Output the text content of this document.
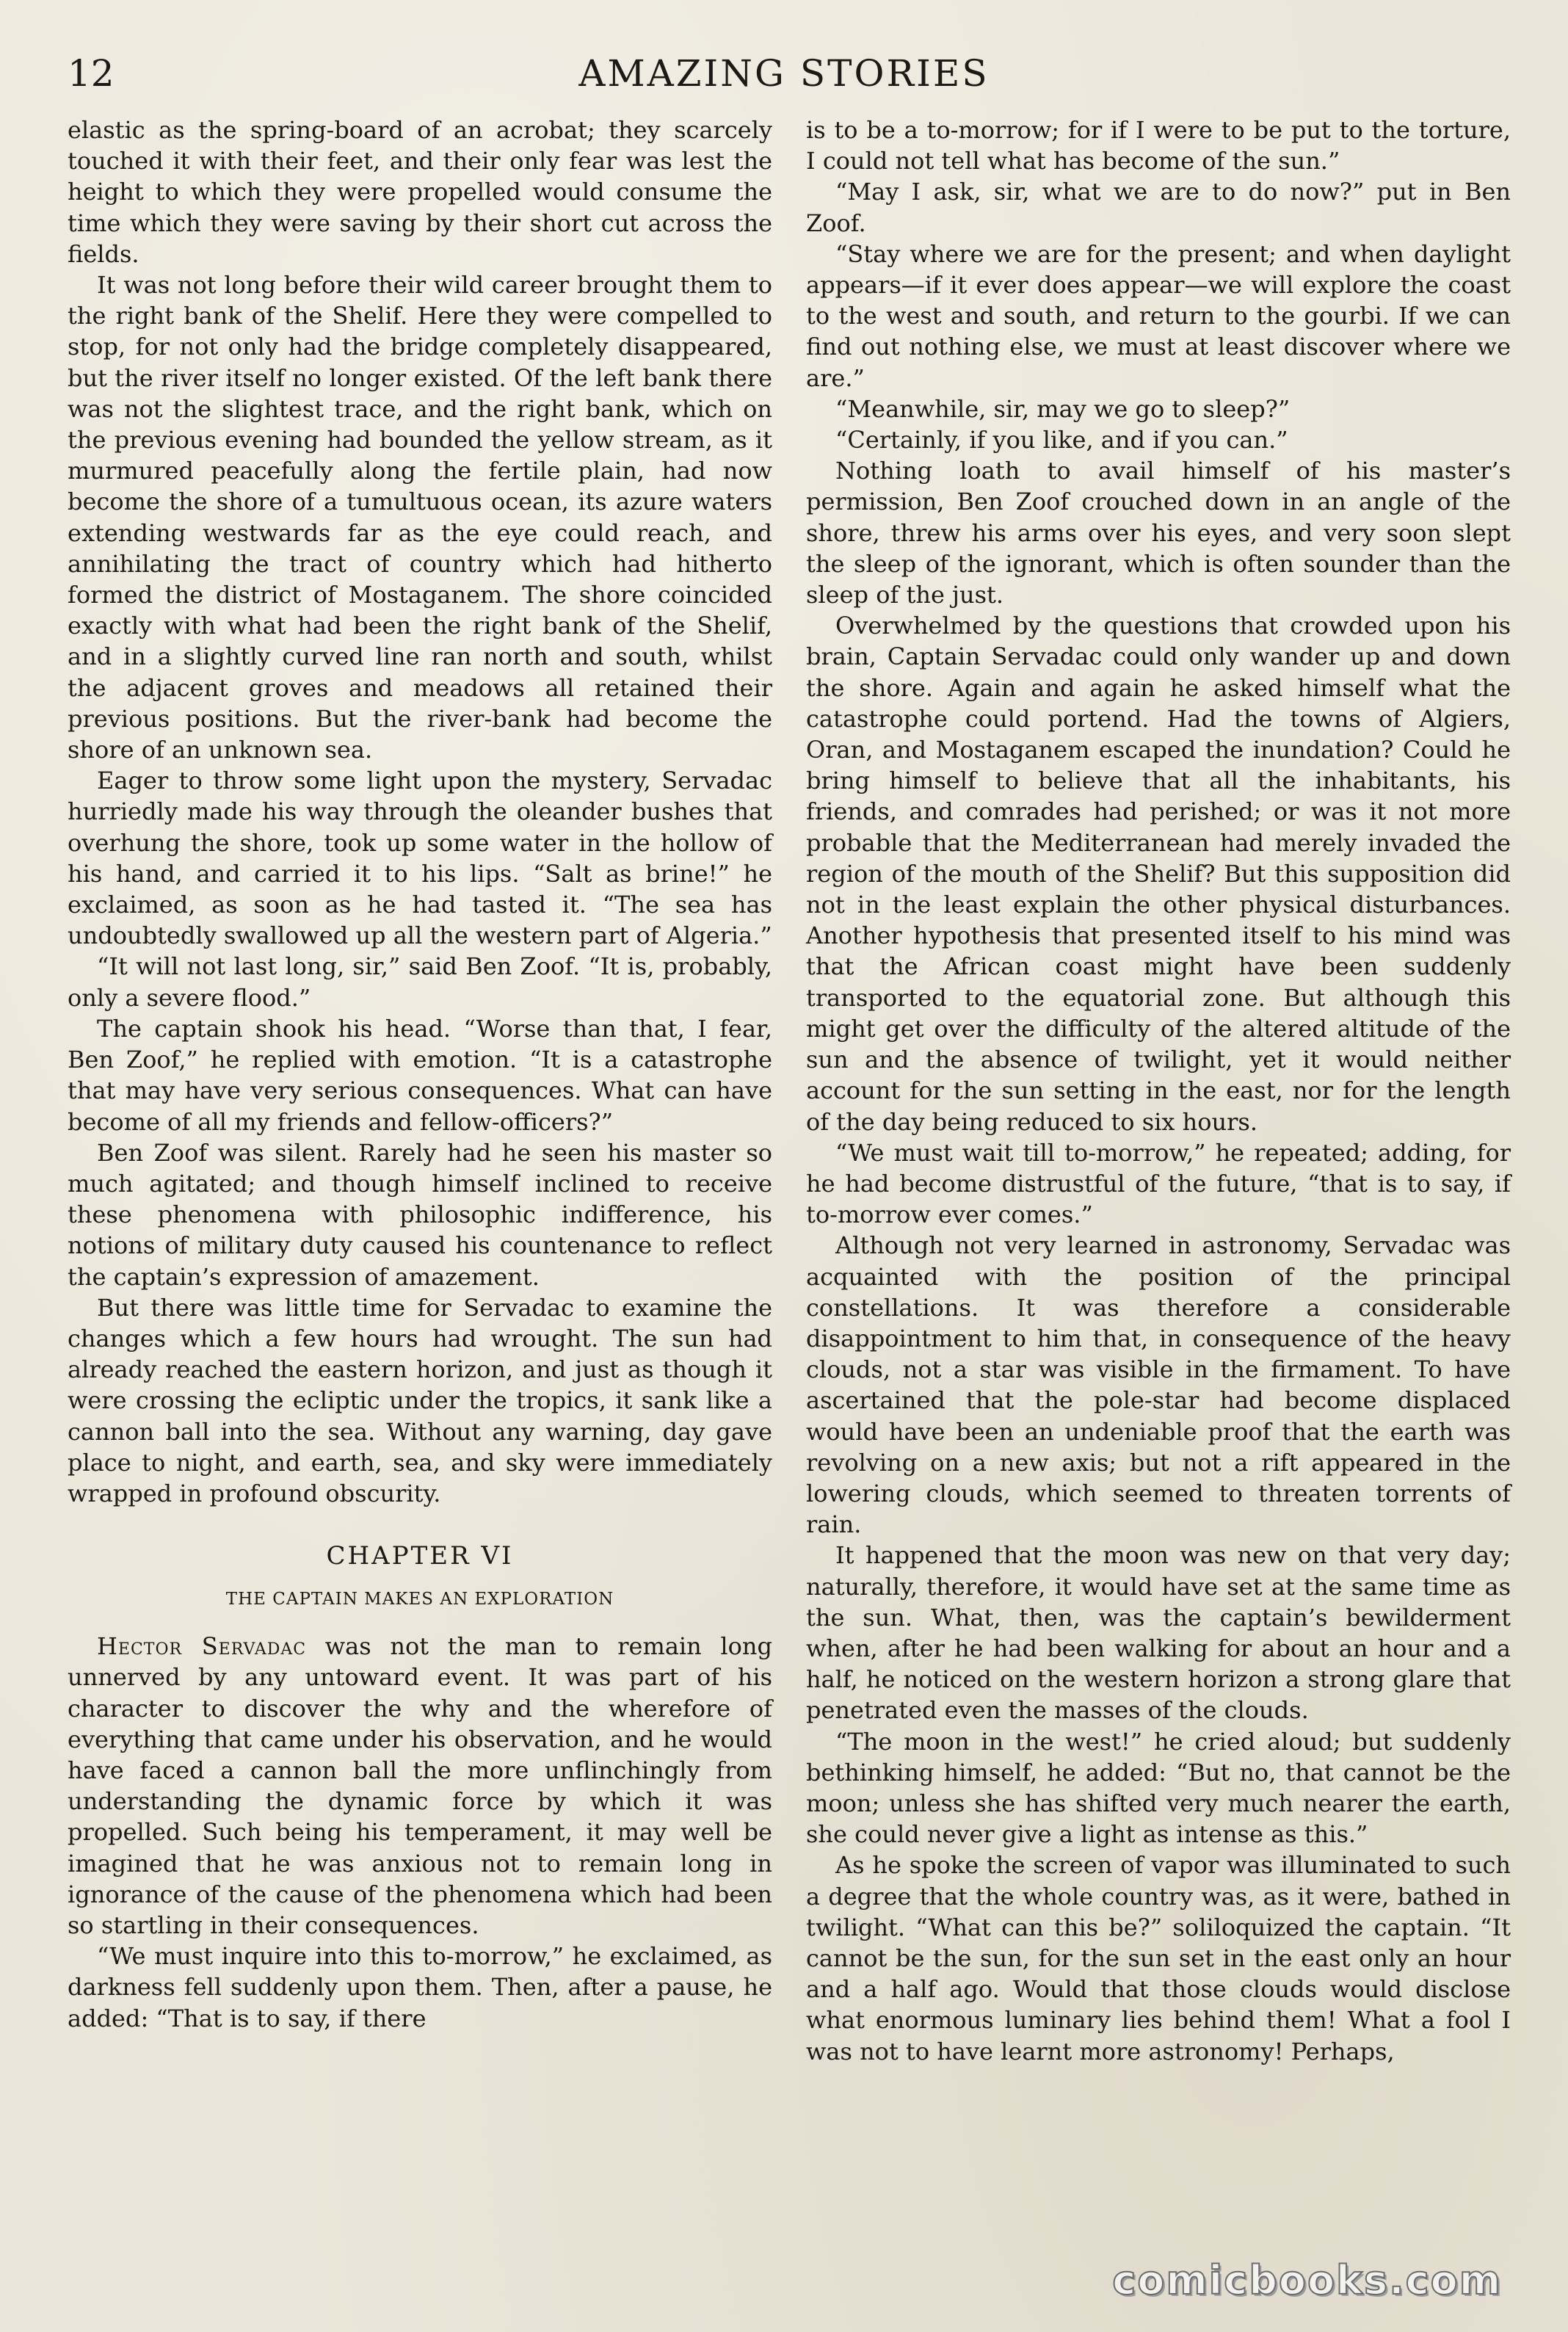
12	AMAZING STORIES

elastic as the spring-board of an acrobat; they scarcely touched it with their feet, and their only fear was lest the height to which they were propelled would consume the time which they were saving by their short cut across the fields.

It was not long before their wild career brought them to the right bank of the Shelif. Here they were compelled to stop, for not only had the bridge completely disappeared, but the river itself no longer existed. Of the left bank there was not the slightest trace, and the right bank, which on the previous evening had bounded the yellow stream, as it murmured peacefully along the fertile plain, had now become the shore of a tumultuous ocean, its azure waters extending westwards far as the eye could reach, and annihilating the tract of country which had hitherto formed the district of Mostaganem. The shore coincided exactly with what had been the right bank of the Shelif, and in a slightly curved line ran north and south, whilst the adjacent groves and meadows all retained their previous positions. But the river-bank had become the shore of an unknown sea.

Eager to throw some light upon the mystery, Servadac hurriedly made his way through the oleander bushes that overhung the shore, took up some water in the hollow of his hand, and carried it to his lips. “Salt as brine!” he exclaimed, as soon as he had tasted it. “The sea has undoubtedly swallowed up all the western part of Algeria.”

“It will not last long, sir,” said Ben Zoof. “It is, probably, only a severe flood.”

The captain shook his head. “Worse than that, I fear, Ben Zoof,” he replied with emotion. “It is a catastrophe that may have very serious consequences. What can have become of all my friends and fellow-officers?”

Ben Zoof was silent. Rarely had he seen his master so much agitated; and though himself inclined to receive these phenomena with philosophic indifference, his notions of military duty caused his countenance to reflect the captain’s expression of amazement.

But there was little time for Servadac to examine the changes which a few hours had wrought. The sun had already reached the eastern horizon, and just as though it were crossing the ecliptic under the tropics, it sank like a cannon ball into the sea. Without any warning, day gave place to night, and earth, sea, and sky were immediately wrapped in profound obscurity.

CHAPTER VI
THE CAPTAIN MAKES AN EXPLORATION

Hector Servadac was not the man to remain long unnerved by any untoward event. It was part of his character to discover the why and the wherefore of everything that came under his observation, and he would have faced a cannon ball the more unflinchingly from understanding the dynamic force by which it was propelled. Such being his temperament, it may well be imagined that he was anxious not to remain long in ignorance of the cause of the phenomena which had been so startling in their consequences.

“We must inquire into this to-morrow,” he exclaimed, as darkness fell suddenly upon them. Then, after a pause, he added: “That is to say, if there

is to be a to-morrow; for if I were to be put to the torture, I could not tell what has become of the sun.”

“May I ask, sir, what we are to do now?” put in Ben Zoof.

“Stay where we are for the present; and when daylight appears—if it ever does appear—we will explore the coast to the west and south, and return to the gourbi. If we can find out nothing else, we must at least discover where we are.”

“Meanwhile, sir, may we go to sleep?”

“Certainly, if you like, and if you can.”

Nothing loath to avail himself of his master’s permission, Ben Zoof crouched down in an angle of the shore, threw his arms over his eyes, and very soon slept the sleep of the ignorant, which is often sounder than the sleep of the just.

Overwhelmed by the questions that crowded upon his brain, Captain Servadac could only wander up and down the shore. Again and again he asked himself what the catastrophe could portend. Had the towns of Algiers, Oran, and Mostaganem escaped the inundation? Could he bring himself to believe that all the inhabitants, his friends, and comrades had perished; or was it not more probable that the Mediterranean had merely invaded the region of the mouth of the Shelif? But this supposition did not in the least explain the other physical disturbances. Another hypothesis that presented itself to his mind was that the African coast might have been suddenly transported to the equatorial zone. But although this might get over the difficulty of the altered altitude of the sun and the absence of twilight, yet it would neither account for the sun setting in the east, nor for the length of the day being reduced to six hours.

“We must wait till to-morrow,” he repeated; adding, for he had become distrustful of the future, “that is to say, if to-morrow ever comes.”

Although not very learned in astronomy, Servadac was acquainted with the position of the principal constellations. It was therefore a considerable disappointment to him that, in consequence of the heavy clouds, not a star was visible in the firmament. To have ascertained that the pole-star had become displaced would have been an undeniable proof that the earth was revolving on a new axis; but not a rift appeared in the lowering clouds, which seemed to threaten torrents of rain.

It happened that the moon was new on that very day; naturally, therefore, it would have set at the same time as the sun. What, then, was the captain’s bewilderment when, after he had been walking for about an hour and a half, he noticed on the western horizon a strong glare that penetrated even the masses of the clouds.

“The moon in the west!” he cried aloud; but suddenly bethinking himself, he added: “But no, that cannot be the moon; unless she has shifted very much nearer the earth, she could never give a light as intense as this.”

As he spoke the screen of vapor was illuminated to such a degree that the whole country was, as it were, bathed in twilight. “What can this be?” soliloquized the captain. “It cannot be the sun, for the sun set in the east only an hour and a half ago. Would that those clouds would disclose what enormous luminary lies behind them! What a fool I was not to have learnt more astronomy! Perhaps,

comicbooks.com
